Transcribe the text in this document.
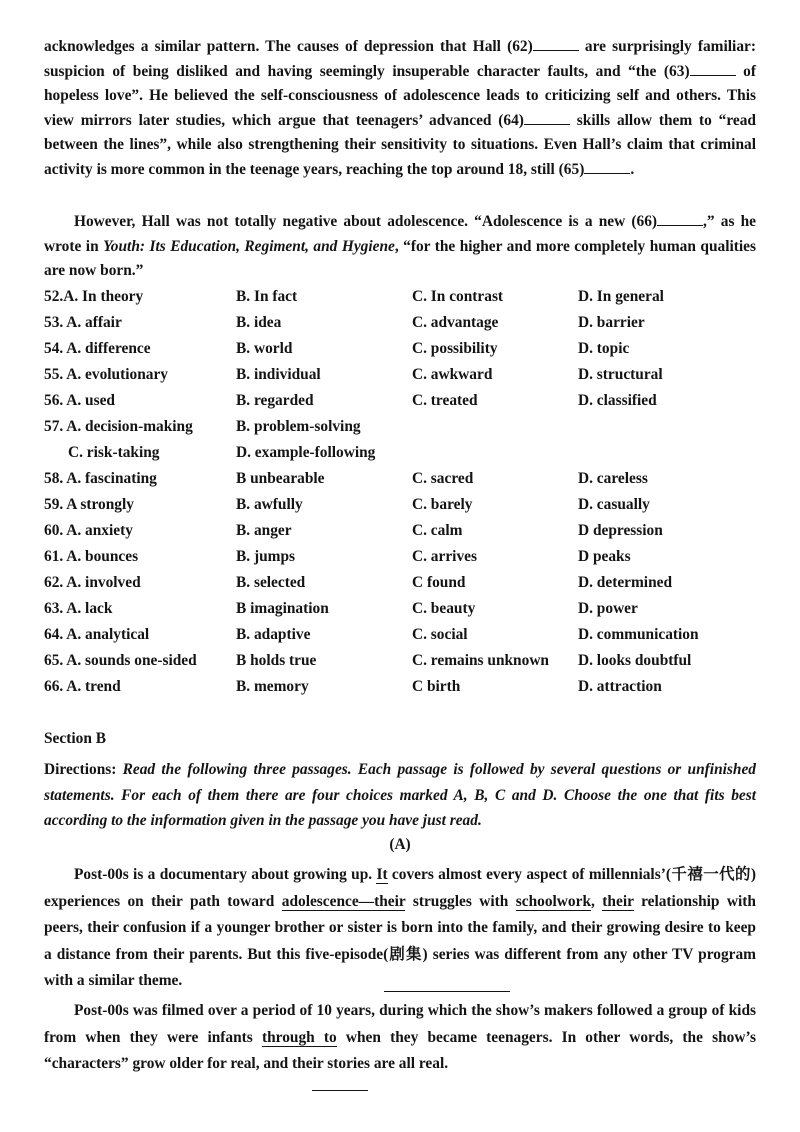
acknowledges a similar pattern. The causes of depression that Hall (62)	are surprisingly familiar: suspicion of being disliked and having seemingly insuperable character faults, and “the (63)	of hopeless love”. He believed the self-consciousness of adolescence leads to criticizing self and others. This view mirrors later studies, which argue that teenagers’ advanced (64)	skills allow them to “read between the lines”, while also strengthening their sensitivity to situations. Even Hall’s claim that criminal activity is more common in the teenage years, reaching the top around 18, still (65)	.

However, Hall was not totally negative about adolescence. “Adolescence is a new (66)	,” as he wrote in Youth: Its Education, Regiment, and Hygiene, “for the higher and more completely human qualities are now born.”

52.A. In theory	B. In fact	C. In contrast	D. In general
53. A. affair	B. idea	C. advantage	D. barrier
54. A. difference	B. world	C. possibility	D. topic
55. A. evolutionary	B. individual	C. awkward	D. structural
56. A. used	B. regarded	C. treated	D. classified
57. A. decision-making	B. problem-solving
C. risk-taking	D. example-following
58. A. fascinating	B unbearable	C. sacred	D. careless
59. A strongly	B. awfully	C. barely	D. casually
60. A. anxiety	B. anger	C. calm	D depression
61. A. bounces	B. jumps	C. arrives	D peaks
62. A. involved	B. selected	C found	D. determined
63. A. lack	B imagination	C. beauty	D. power
64. A. analytical	B. adaptive	C. social	D. communication
65. A. sounds one-sided	B holds true	C. remains unknown D. looks doubtful
66. A. trend	B. memory	C birth	D. attraction
Section B
Directions: Read the following three passages. Each passage is followed by several questions or unfinished statements. For each of them there are four choices marked A, B, C and D. Choose the one that fits best according to the information given in the passage you have just read.
(A)

Post-00s is a documentary about growing up. It covers almost every aspect of millennials’(千禧一代的) experiences on their path toward adolescence—their struggles with schoolwork, their relationship with peers, their confusion if a younger brother or sister is born into the family, and their growing desire to keep a distance from their parents. But this five-episode(剧集) series was different from any other TV program with a similar theme.

Post-00s was filmed over a period of 10 years, during which the show’s makers followed a group of kids from when they were infants through to when they became teenagers. In other words, the show’s “characters” grow older for real, and their stories are all real.
